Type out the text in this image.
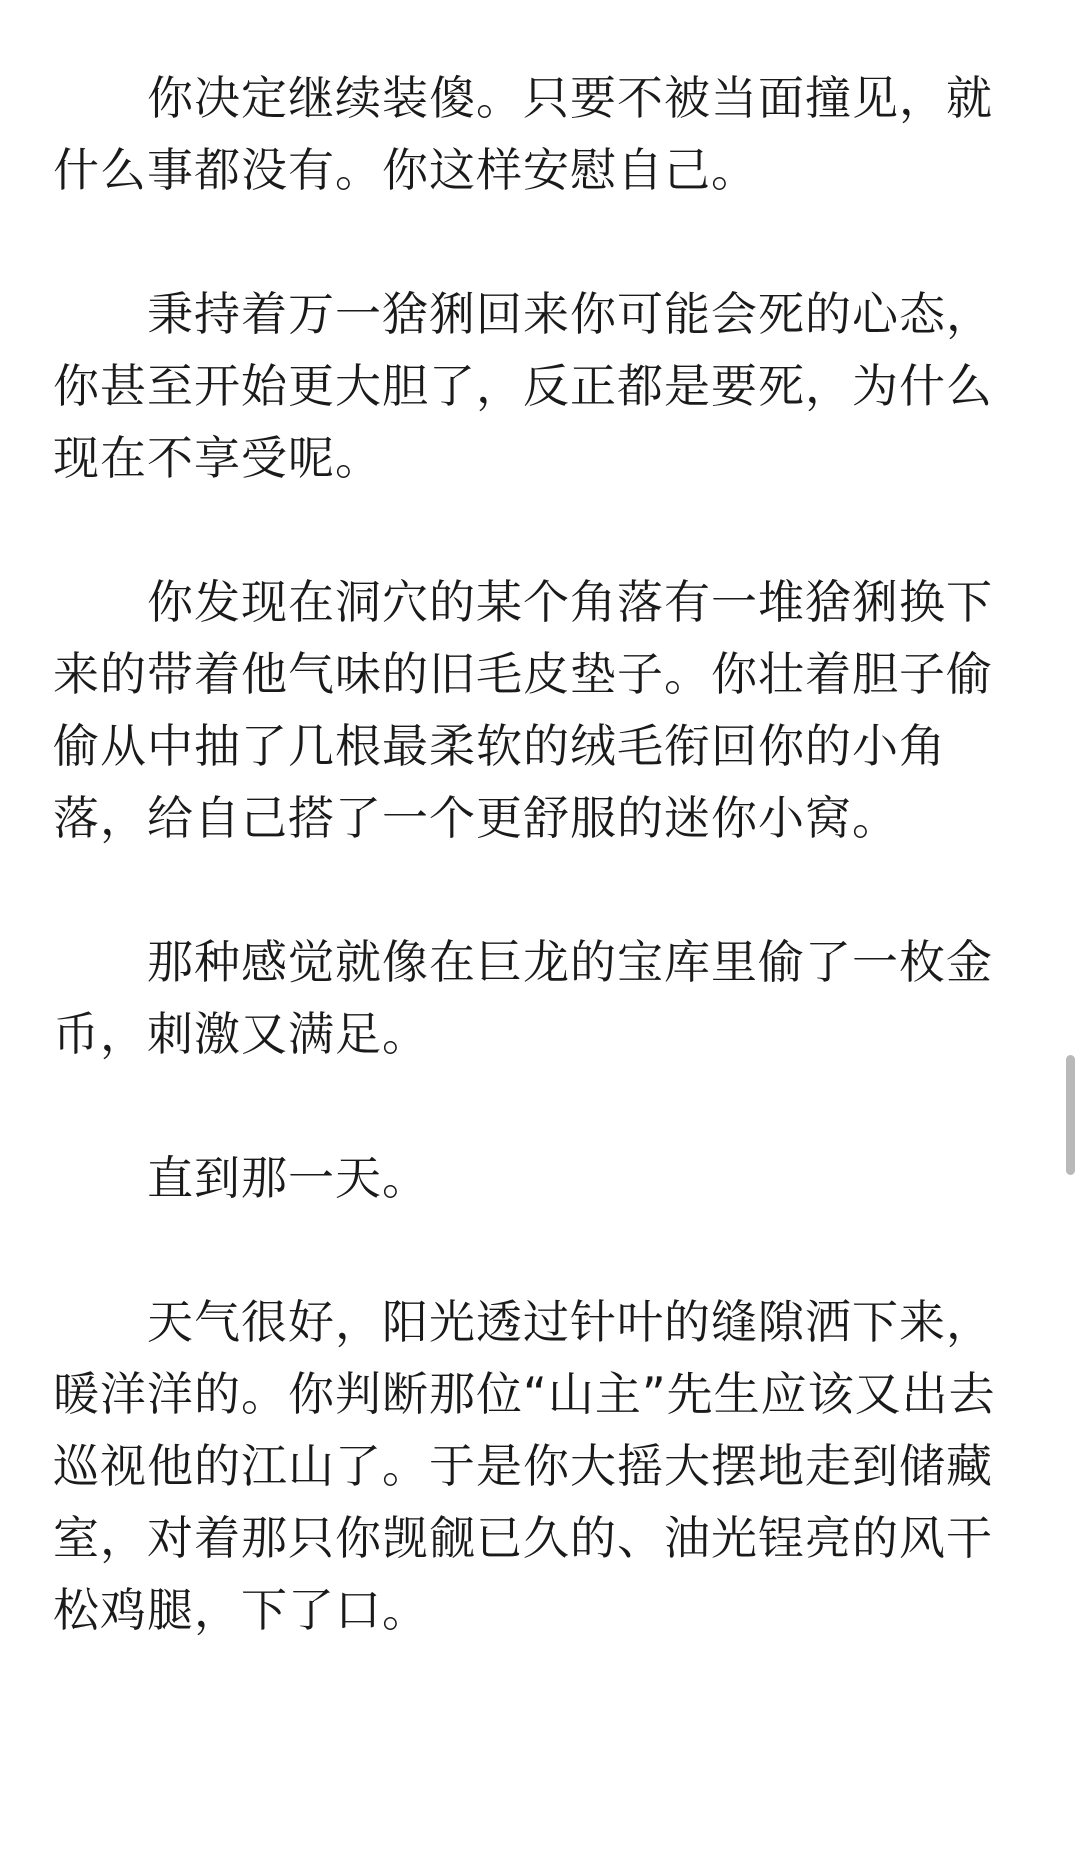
你决定继续装傻。只要不被当面撞见，就什么事都没有。你这样安慰自己。

秉持着万一猞猁回来你可能会死的心态，你甚至开始更大胆了，反正都是要死，为什么现在不享受呢。

你发现在洞穴的某个角落有一堆猞猁换下来的带着他气味的旧毛皮垫子。你壮着胆子偷偷从中抽了几根最柔软的绒毛衔回你的小角落，给自己搭了一个更舒服的迷你小窝。

那种感觉就像在巨龙的宝库里偷了一枚金币，刺激又满足。

直到那一天。

天气很好，阳光透过针叶的缝隙洒下来，暖洋洋的。你判断那位“山主”先生应该又出去巡视他的江山了。于是你大摇大摆地走到储藏室，对着那只你觊觎已久的、油光锃亮的风干松鸡腿，下了口。
